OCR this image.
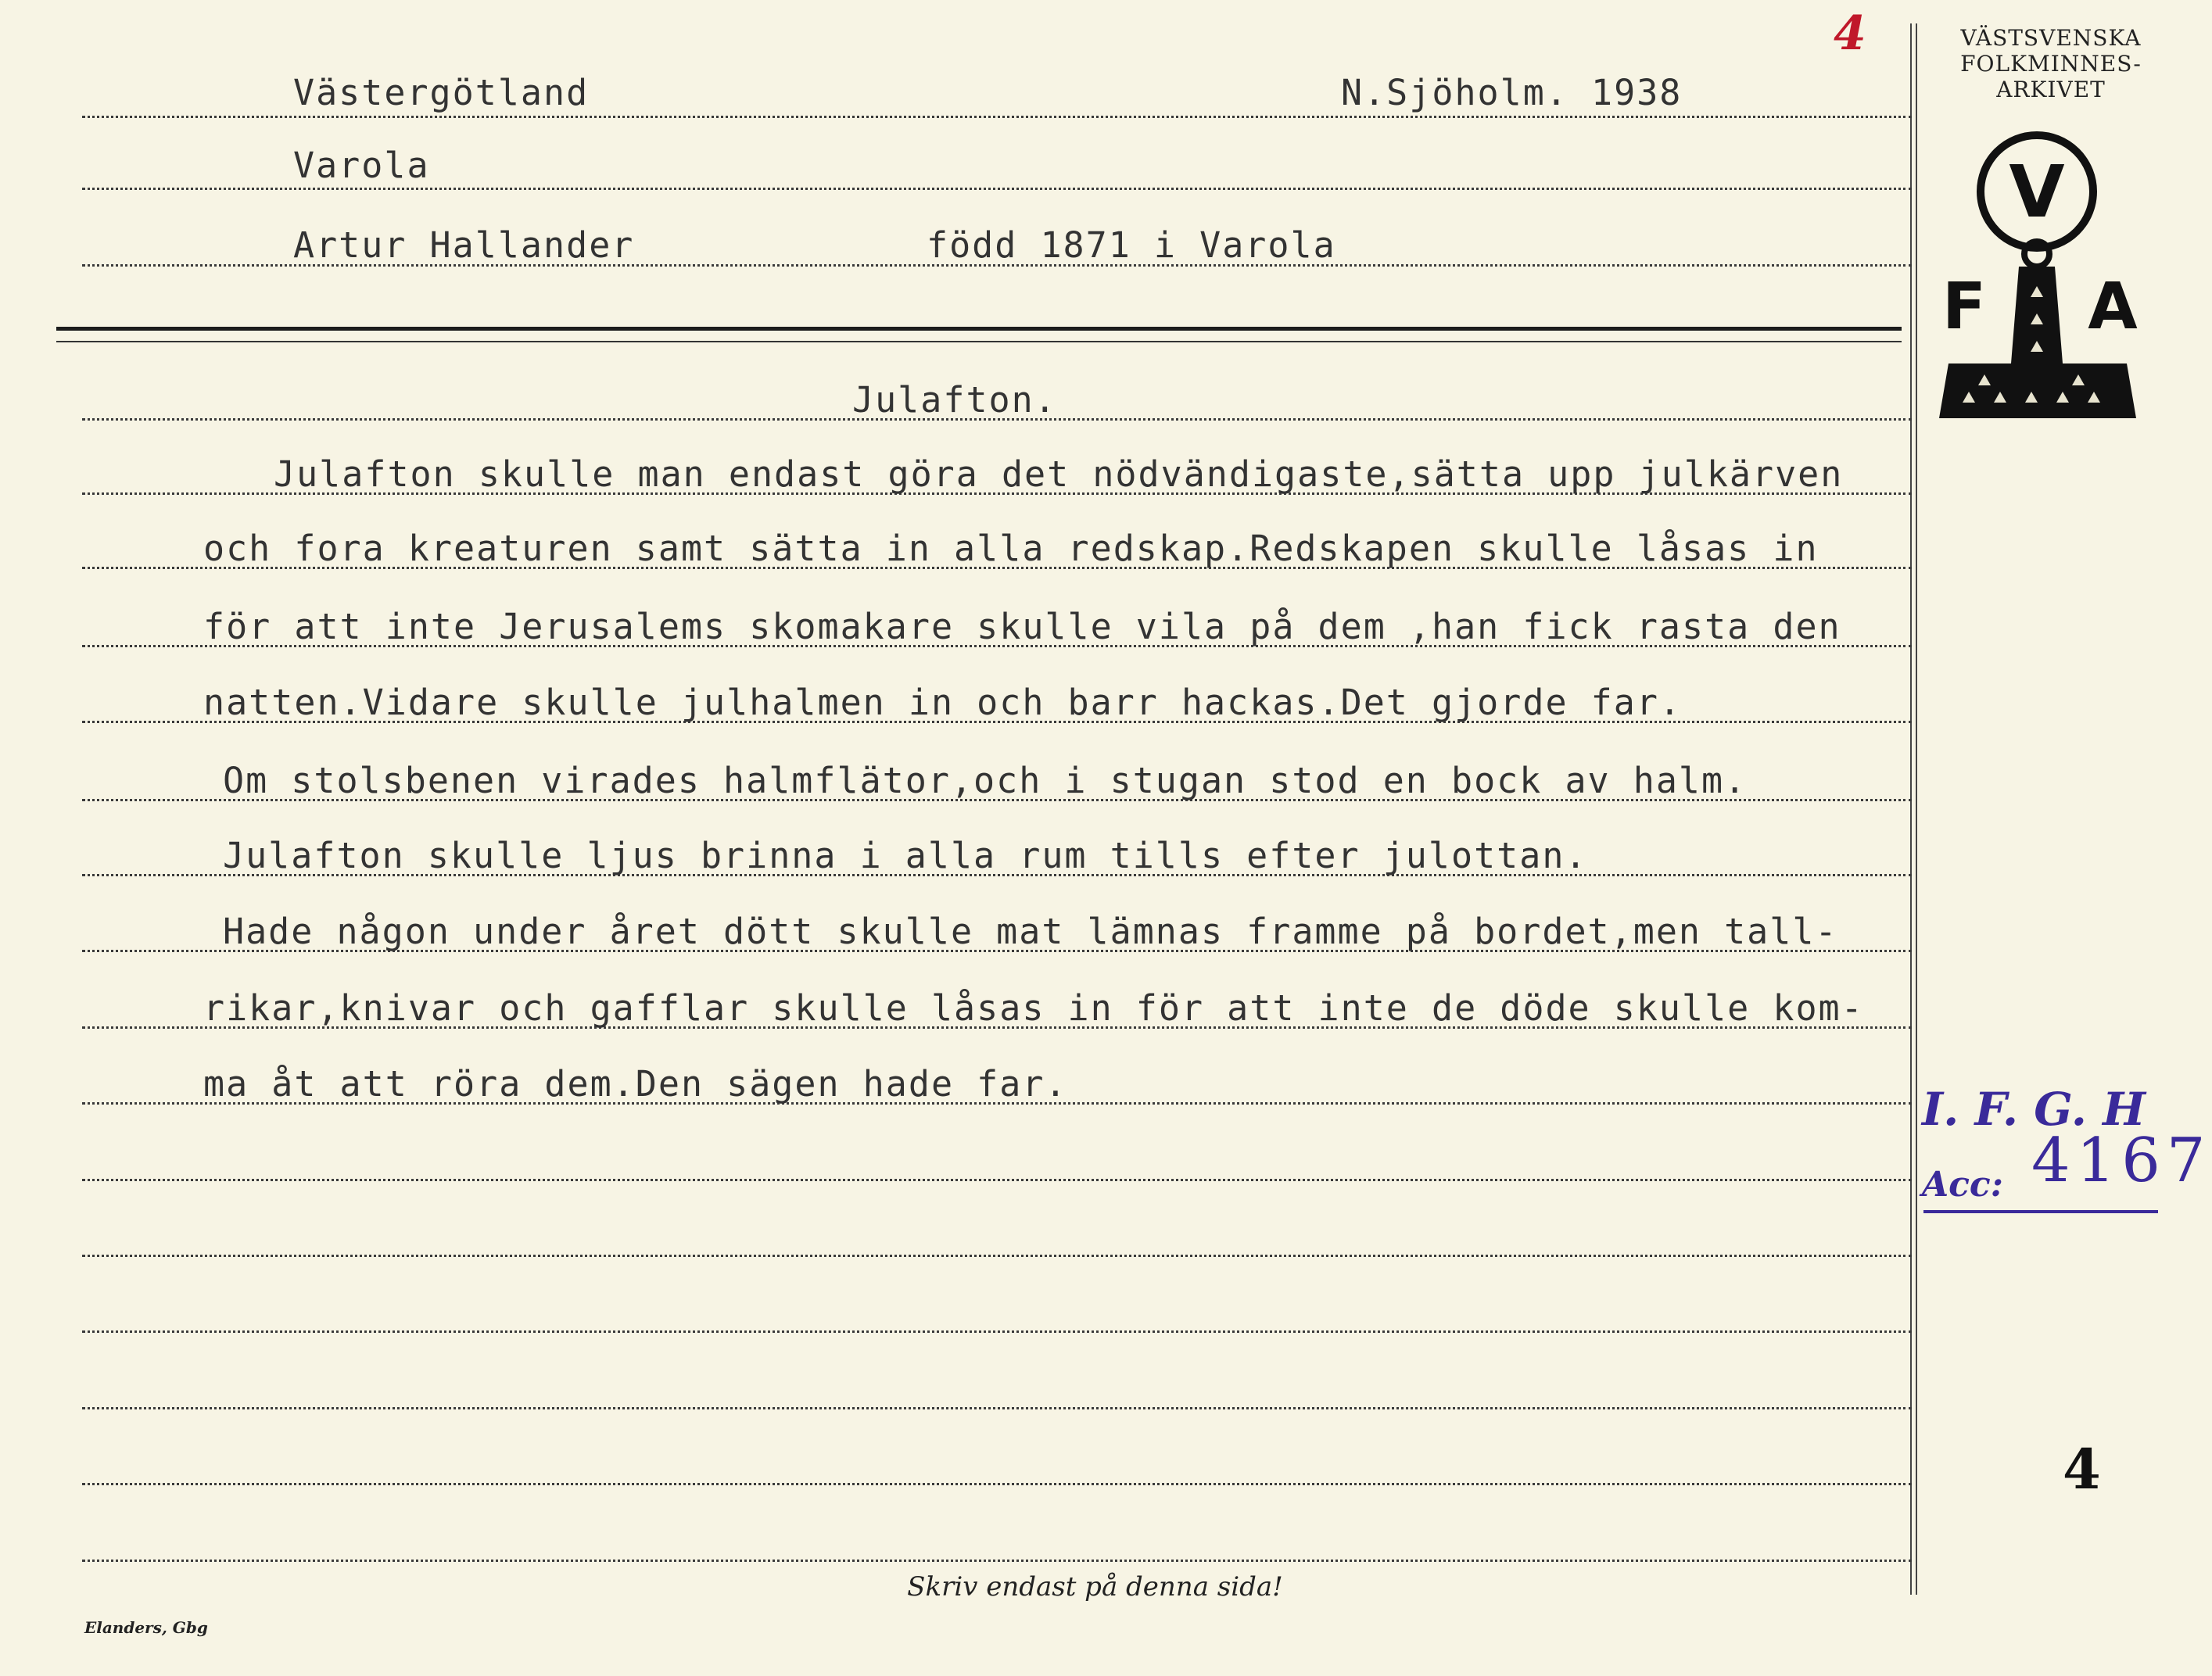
Västergötland	N.Sjöholm. 1938
Varola
Artur Hallander	född 1871 i Varola
Julafton.
Julafton skulle man endast göra det nödvändigaste,sätta upp julkärven
och fora kreaturen samt sätta in alla redskap.Redskapen skulle låsas in
för att inte Jerusalems skomakare skulle vila på dem ,han fick rasta den
natten.Vidare skulle julhalmen in och barr hackas.Det gjorde far.
Om stolsbenen virades halmflätor,och i stugan stod en bock av halm.
Julafton skulle ljus brinna i alla rum tills efter julottan.
Hade någon under året dött skulle mat lämnas framme på bordet,men tall-
rikar,knivar och gafflar skulle låsas in för att inte de döde skulle kom-
ma åt att röra dem.Den sägen hade far.
VÄSTSVENSKA
FOLKMINNES-
ARKIVET
V
F A
4
I. F. G. H
Acc: 4167
4
Skriv endast på denna sida!
Elanders, Gbg
